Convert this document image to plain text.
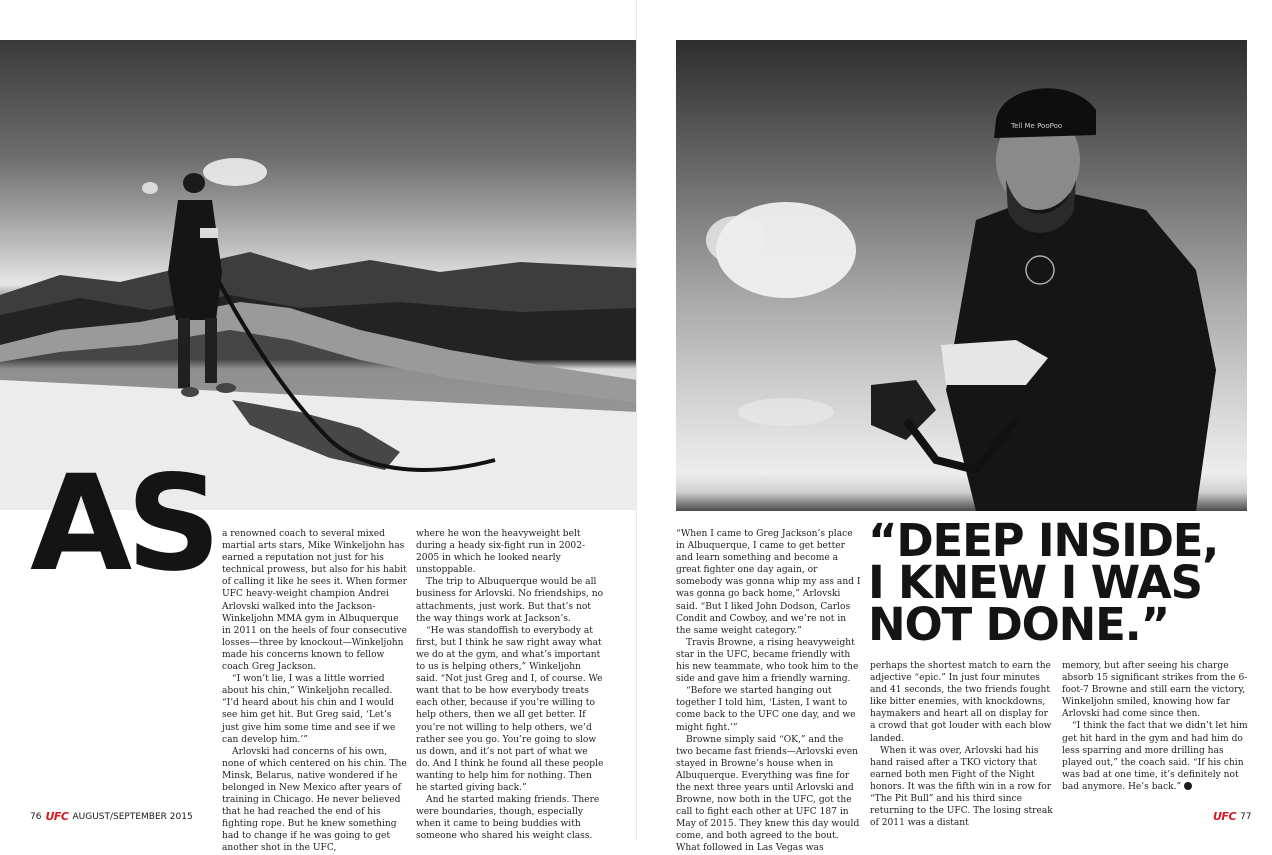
AS a renowned coach to several mixed martial arts stars, Mike Winkeljohn has earned a reputation not just for his technical prowess, but also for his habit of calling it like he sees it. When former UFC heavy-weight champion Andrei Arlovski walked into the Jackson-Winkeljohn MMA gym in Albuquerque in 2011 on the heels of four consecutive losses—three by knockout—Winkeljohn made his concerns known to fellow coach Greg Jackson.

“I won’t lie, I was a little worried about his chin,” Winkeljohn recalled. “I’d heard about his chin and I would see him get hit. But Greg said, ‘Let’s just give him some time and see if we can develop him.’”

Arlovski had concerns of his own, none of which centered on his chin. The Minsk, Belarus, native wondered if he belonged in New Mexico after years of training in Chicago. He never believed that he had reached the end of his fighting rope. But he knew something had to change if he was going to get another shot in the UFC,

where he won the heavyweight belt during a heady six-fight run in 2002-2005 in which he looked nearly unstoppable.

The trip to Albuquerque would be all business for Arlovski. No friendships, no attachments, just work. But that’s not the way things work at Jackson’s.

“He was standoffish to everybody at first, but I think he saw right away what we do at the gym, and what’s important to us is helping others,” Winkeljohn said. “Not just Greg and I, of course. We want that to be how everybody treats each other, because if you’re willing to help others, then we all get better. If you’re not willing to help others, we’d rather see you go. You’re going to slow us down, and it’s not part of what we do. And I think he found all these people wanting to help him for nothing. Then he started giving back.”

And he started making friends. There were boundaries, though, especially when it came to being buddies with someone who shared his weight class.

76 UFC AUGUST/SEPTEMBER 2015
Tell Me PooPoo

“When I came to Greg Jackson’s place in Albuquerque, I came to get better and learn something and become a great fighter one day again, or somebody was gonna whip my ass and I was gonna go back home,” Arlovski said. “But I liked John Dodson, Carlos Condit and Cowboy, and we’re not in the same weight category.”

Travis Browne, a rising heavyweight star in the UFC, became friendly with his new teammate, who took him to the side and gave him a friendly warning.

“Before we started hanging out together I told him, ‘Listen, I want to come back to the UFC one day, and we might fight.’”

Browne simply said “OK,” and the two became fast friends—Arlovski even stayed in Browne’s house when in Albuquerque. Everything was fine for the next three years until Arlovski and Browne, now both in the UFC, got the call to fight each other at UFC 187 in May of 2015. They knew this day would come, and both agreed to the bout. What followed in Las Vegas was

“DEEP INSIDE,
I KNEW I WAS
NOT DONE.”

perhaps the shortest match to earn the adjective “epic.” In just four minutes and 41 seconds, the two friends fought like bitter enemies, with knockdowns, haymakers and heart all on display for a crowd that got louder with each blow landed.

When it was over, Arlovski had his hand raised after a TKO victory that earned both men Fight of the Night honors. It was the fifth win in a row for “The Pit Bull” and his third since returning to the UFC. The losing streak of 2011 was a distant

memory, but after seeing his charge absorb 15 significant strikes from the 6-foot-7 Browne and still earn the victory, Winkeljohn smiled, knowing how far Arlovski had come since then.

“I think the fact that we didn’t let him get hit hard in the gym and had him do less sparring and more drilling has played out,” the coach said. “If his chin was bad at one time, it’s definitely not bad anymore. He’s back.”

UFC 77
